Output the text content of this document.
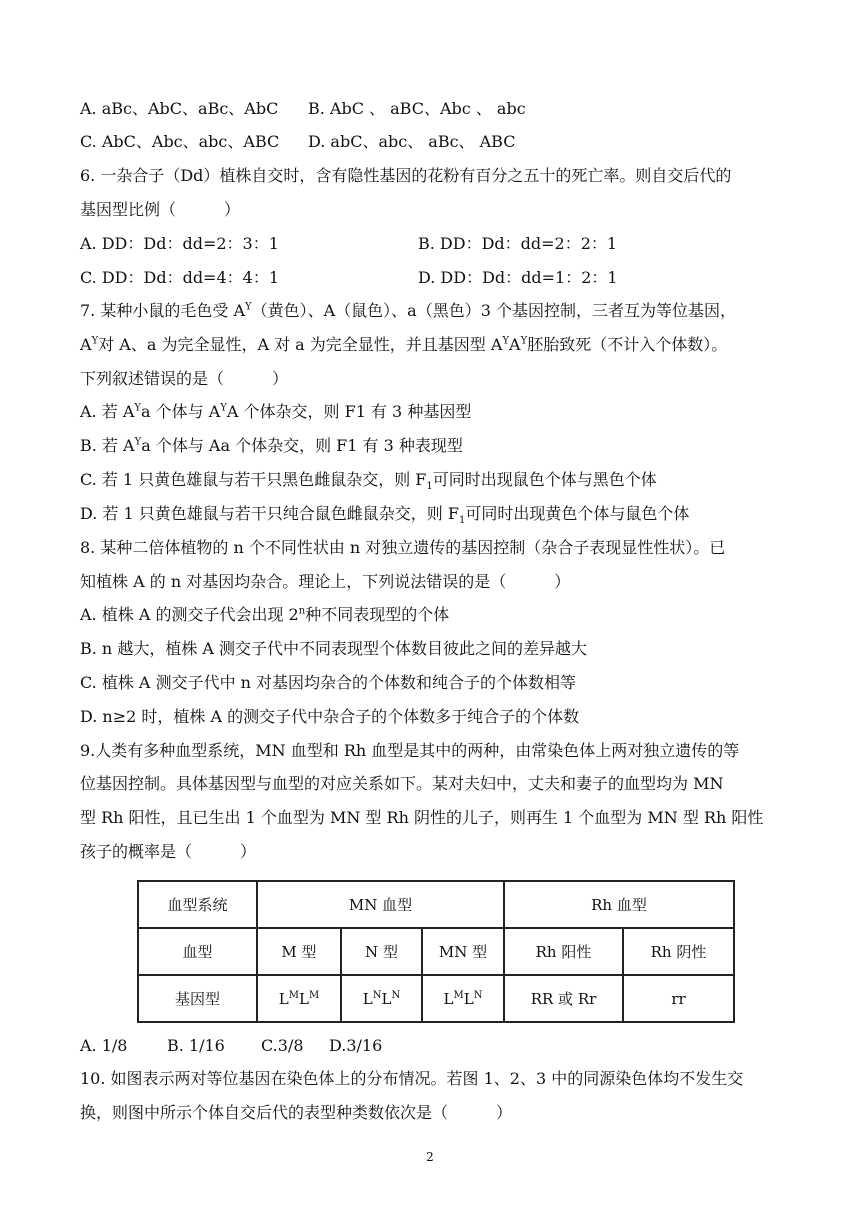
A. aBc、AbC、aBc、AbC B. AbC 、 aBC、Abc 、 abc
C. AbC、Abc、abc、ABC D. abC、abc、 aBc、 ABC
6. 一杂合子（Dd）植株自交时，含有隐性基因的花粉有百分之五十的死亡率。则自交后代的
基因型比例（　　　）
A. DD：Dd：dd=2：3：1	B. DD：Dd：dd=2：2：1
C. DD：Dd：dd=4：4：1	D. DD：Dd：dd=1：2：1
7. 某种小鼠的毛色受 $A^Y$（黄色）、A（鼠色）、a（黑色）3 个基因控制，三者互为等位基因，
$A^Y$对 A、a 为完全显性，A 对 a 为完全显性，并且基因型 $A^YA^Y$胚胎致死（不计入个体数）。
下列叙述错误的是（　　　）
A. 若 $A^Ya$ 个体与 $A^YA$ 个体杂交，则 F1 有 3 种基因型
B. 若 $A^Ya$ 个体与 Aa 个体杂交，则 F1 有 3 种表现型
C. 若 1 只黄色雄鼠与若干只黑色雌鼠杂交，则 $F_1$可同时出现鼠色个体与黑色个体
D. 若 1 只黄色雄鼠与若干只纯合鼠色雌鼠杂交，则 $F_1$可同时出现黄色个体与鼠色个体
8. 某种二倍体植物的 n 个不同性状由 n 对独立遗传的基因控制（杂合子表现显性性状）。已
知植株 A 的 n 对基因均杂合。理论上，下列说法错误的是（　　　）
A. 植株 A 的测交子代会出现 2$^n$种不同表现型的个体
B. n 越大，植株 A 测交子代中不同表现型个体数目彼此之间的差异越大
C. 植株 A 测交子代中 n 对基因均杂合的个体数和纯合子的个体数相等
D. n≥2 时，植株 A 的测交子代中杂合子的个体数多于纯合子的个体数
9.人类有多种血型系统，MN 血型和 Rh 血型是其中的两种，由常染色体上两对独立遗传的等
位基因控制。具体基因型与血型的对应关系如下。某对夫妇中，丈夫和妻子的血型均为 MN
型 Rh 阳性，且已生出 1 个血型为 MN 型 Rh 阴性的儿子，则再生 1 个血型为 MN 型 Rh 阳性
孩子的概率是（　　　）
血型系统	MN 血型			Rh 血型	
血型	M 型	N 型	MN 型	Rh 阳性	Rh 阴性
基因型	$L^ML^M$	$L^NL^N$	$L^ML^N$	RR 或 Rr	rr
A. 1/8 B. 1/16 C.3/8 D.3/16
10. 如图表示两对等位基因在染色体上的分布情况。若图 1、2、3 中的同源染色体均不发生交
换，则图中所示个体自交后代的表型种类数依次是（　　　）
2
